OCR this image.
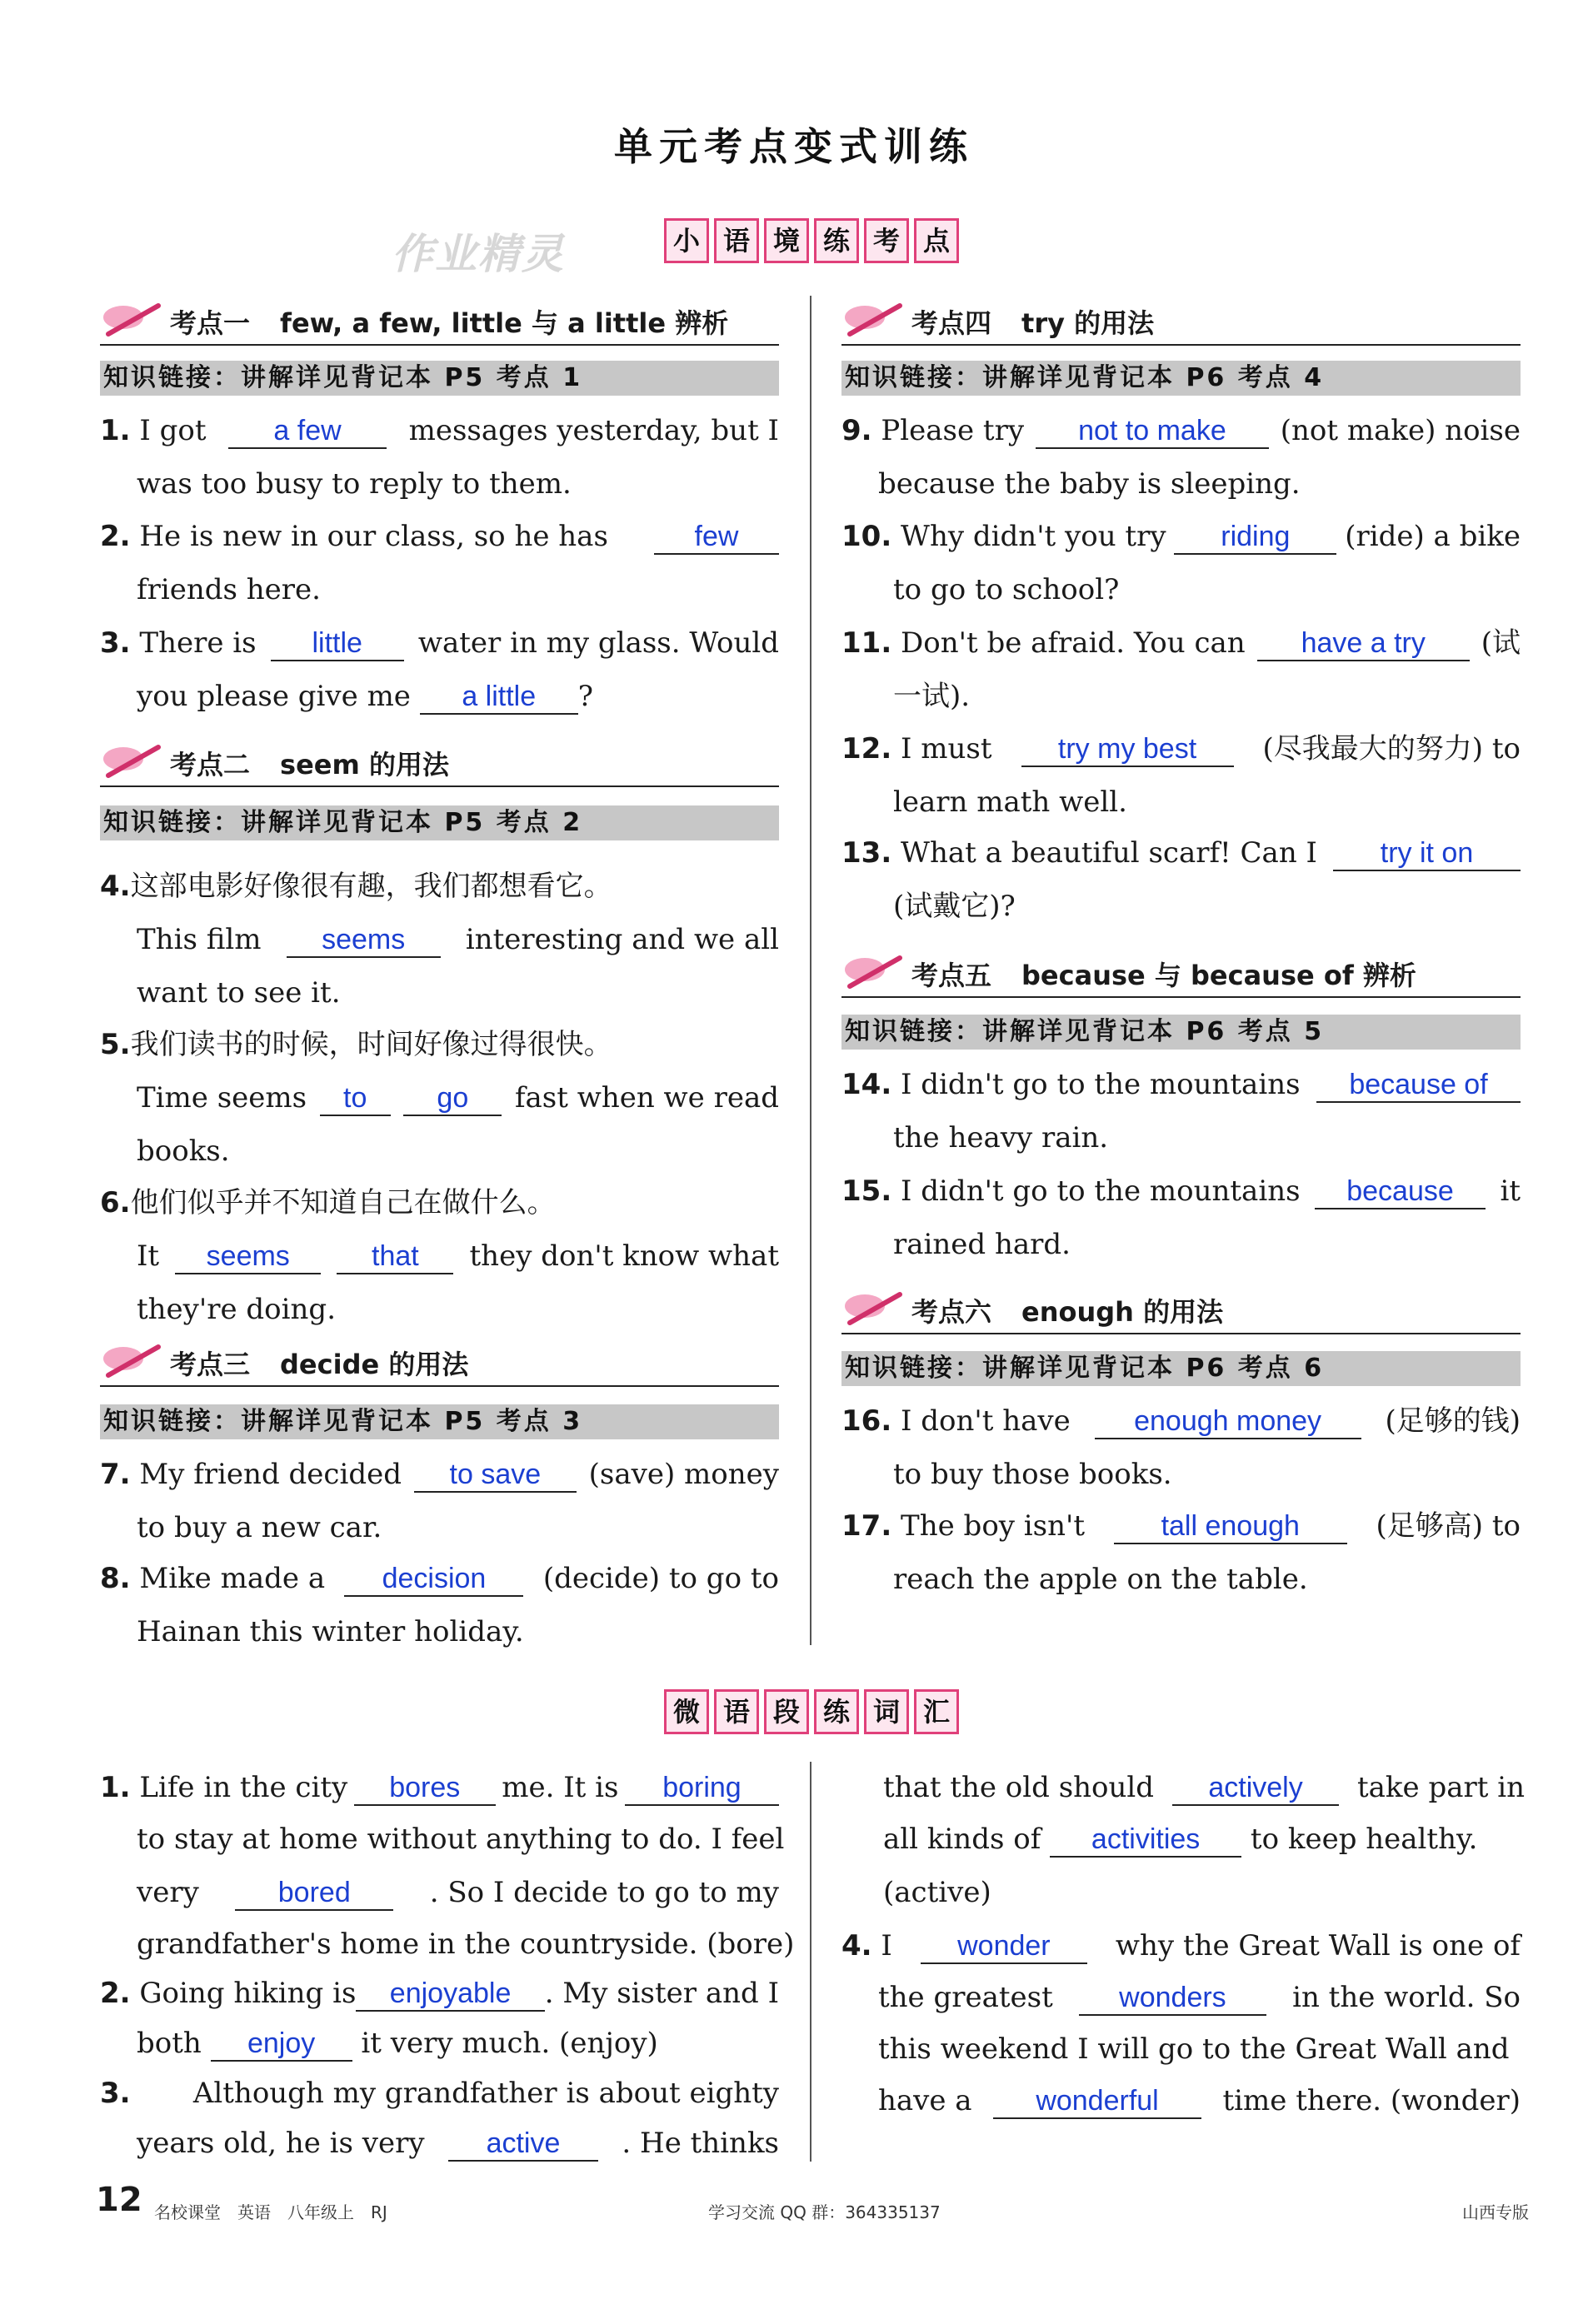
单元考点变式训练
小 语 境 练 考 点
作业精灵
考点一 few, a few, little 与 a little 辨析
知识链接：讲解详见背记本 P5 考点 1
1. I got	a few	messages yesterday, but I
was too busy to reply to them.
2. He is new in our class, so he has	few
friends here.
3. There is	little	water in my glass. Would
you please give me a little ?
考点二 seem 的用法
知识链接：讲解详见背记本 P5 考点 2
4.这部电影好像很有趣，我们都想看它。
This film	seems	interesting and we all
want to see it.
5.我们读书的时候，时间好像过得很快。
Time seems	to	go	fast when we read
books.
6.他们似乎并不知道自己在做什么。
It	seems	that	they don't know what
they're doing.
考点三 decide 的用法
知识链接：讲解详见背记本 P5 考点 3
7. My friend decided	to save	(save) money
to buy a new car.
8. Mike made a	decision	(decide) to go to
Hainan this winter holiday.
考点四 try 的用法
知识链接：讲解详见背记本 P6 考点 4
9. Please try	not to make	(not make) noise
because the baby is sleeping.
10. Why didn't you try	riding	(ride) a bike
to go to school?
11. Don't be afraid. You can	have a try	(试
一试).
12. I must	try my best	(尽我最大的努力) to
learn math well.
13. What a beautiful scarf! Can I	try it on
(试戴它)?
考点五 because 与 because of 辨析
知识链接：讲解详见背记本 P6 考点 5
14. I didn't go to the mountains	because of
the heavy rain.
15. I didn't go to the mountains	because	it
rained hard.
考点六 enough 的用法
知识链接：讲解详见背记本 P6 考点 6
16. I don't have	enough money	(足够的钱)
to buy those books.
17. The boy isn't	tall enough	(足够高) to
reach the apple on the table.
微 语 段 练 词 汇
1. Life in the city	bores	me. It is	boring
to stay at home without anything to do. I feel
very	bored	. So I decide to go to my
grandfather's home in the countryside. (bore)
2. Going hiking is	enjoyable	. My sister and I
both enjoy it very much. (enjoy)
3. Although my grandfather is about eighty
years old, he is very	active	. He thinks
that the old should	actively	take part in
all kinds of activities to keep healthy.
(active)
4. I	wonder	why the Great Wall is one of
the greatest	wonders	in the world. So
this weekend I will go to the Great Wall and
have a	wonderful	time there. (wonder)
12 名校课堂　英语　八年级上　RJ	学习交流 QQ 群：364335137	山西专版
